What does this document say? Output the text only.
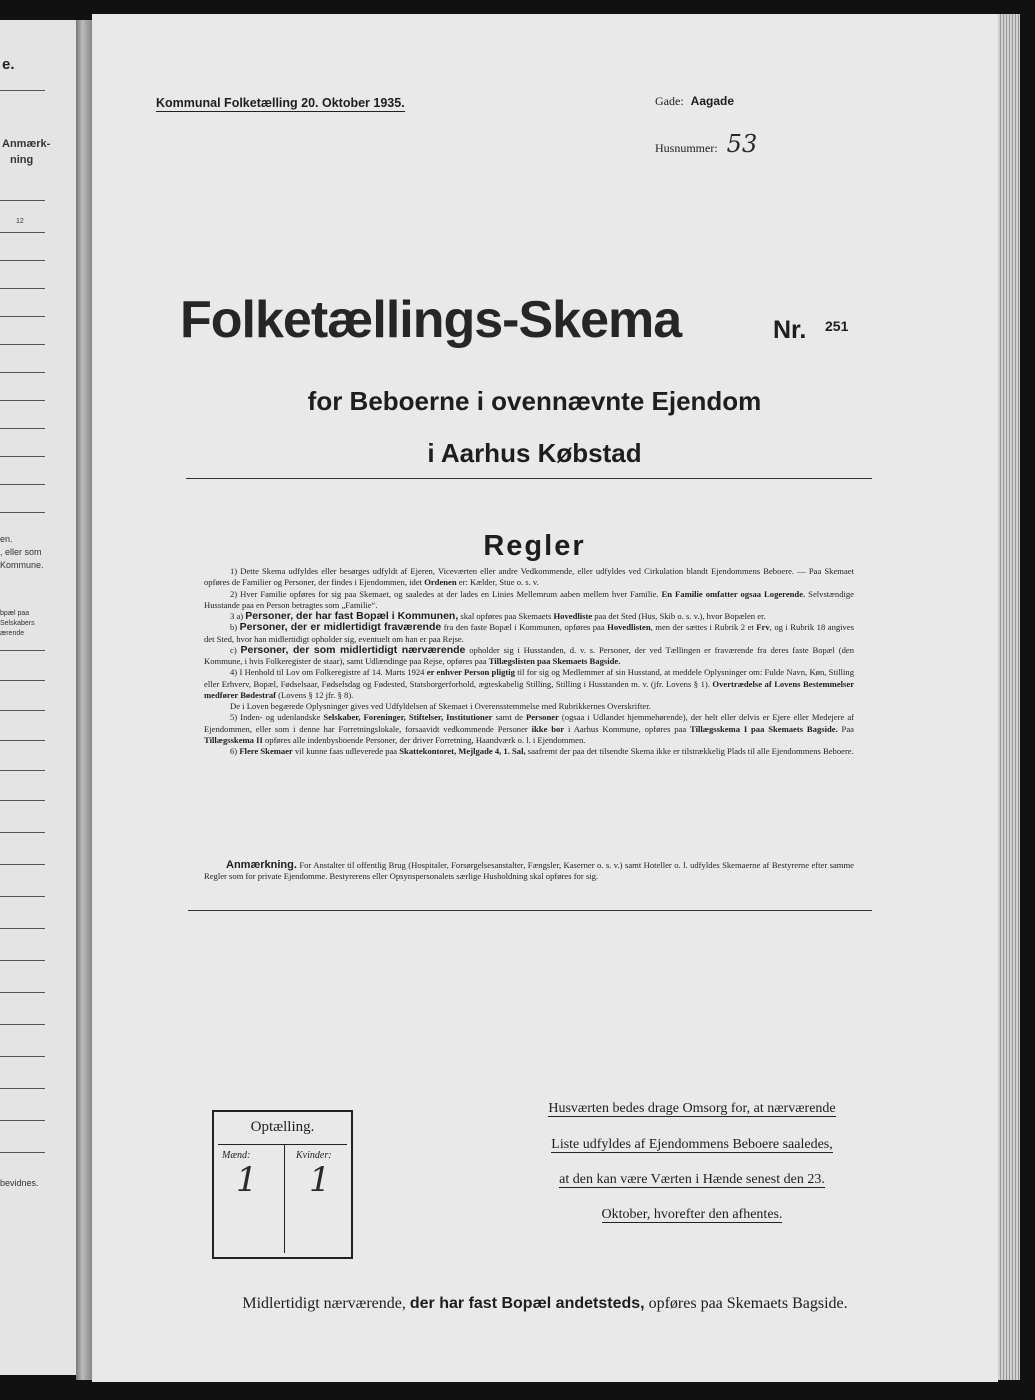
e.
Anmærk-
ning
12
en.
, eller som
Kommune.
bpæl paa
Selskabers
ærende
bevidnes.
Kommunal Folketælling 20. Oktober 1935.	Gade: Aagade
Husnummer: 53
Folketællings-Skema	Nr. 251
for Beboerne i ovennævnte Ejendom
i Aarhus Købstad
Regler

1) Dette Skema udfyldes eller besørges udfyldt af Ejeren, Viceværten eller andre Vedkommende, eller udfyldes ved Cirkulation blandt Ejendommens Beboere. — Paa Skemaet opføres de Familier og Personer, der findes i Ejendommen, idet Ordenen er: Kælder, Stue o. s. v.

2) Hver Familie opføres for sig paa Skemaet, og saaledes at der lades en Linies Mellemrum aaben mellem hver Familie. En Familie omfatter ogsaa Logerende. Selvstændige Husstande paa en Person betragtes som „Familie“.

3 a) Personer, der har fast Bopæl i Kommunen, skal opføres paa Skemaets Hovedliste paa det Sted (Hus, Skib o. s. v.), hvor Bopælen er.

b) Personer, der er midlertidigt fraværende fra den faste Bopæl i Kommunen, opføres paa Hovedlisten, men der sættes i Rubrik 2 et Frv, og i Rubrik 18 angives det Sted, hvor han midlertidigt opholder sig, eventuelt om han er paa Rejse.

c) Personer, der som midlertidigt nærværende opholder sig i Husstanden, d. v. s. Personer, der ved Tællingen er fraværende fra deres faste Bopæl (den Kommune, i hvis Folkeregister de staar), samt Udlændinge paa Rejse, opføres paa Tillægslisten paa Skemaets Bagside.

4) I Henhold til Lov om Folkeregistre af 14. Marts 1924 er enhver Person pligtig til for sig og Medlemmer af sin Husstand, at meddele Oplysninger om: Fulde Navn, Køn, Stilling eller Erhverv, Bopæl, Fødselsaar, Fødselsdag og Fødested, Statsborgerforhold, ægteskabelig Stilling, Stilling i Husstanden m. v. (jfr. Lovens § 1). Overtrædelse af Lovens Bestemmelser medfører Bødestraf (Lovens § 12 jfr. § 8).

De i Loven begærede Oplysninger gives ved Udfyldelsen af Skemaet i Overensstemmelse med Rubrikkernes Overskrifter.

5) Inden- og udenlandske Selskaber, Foreninger, Stiftelser, Institutioner samt de Personer (ogsaa i Udlandet hjemmehørende), der helt eller delvis er Ejere eller Medejere af Ejendommen, eller som i denne har Forretningslokale, forsaavidt vedkommende Personer ikke bor i Aarhus Kommune, opføres paa Tillægsskema I paa Skemaets Bagside. Paa Tillægsskema II opføres alle indenbysboende Personer, der driver Forretning, Haandværk o. l. i Ejendommen.

6) Flere Skemaer vil kunne faas udleverede paa Skattekontoret, Mejlgade 4, 1. Sal, saafremt der paa det tilsendte Skema ikke er tilstrækkelig Plads til alle Ejendommens Beboere.

Anmærkning. For Anstalter til offentlig Brug (Hospitaler, Forsørgelsesanstalter, Fængsler, Kaserner o. s. v.) samt Hoteller o. l. udfyldes Skemaerne af Bestyrerne efter samme Regler som for private Ejendomme. Bestyrerens eller Opsynspersonalets særlige Husholdning skal opføres for sig.

Optælling.
Mænd:	Kvinder:
1 1
Husværten bedes drage Omsorg for, at nærværende
Liste udfyldes af Ejendommens Beboere saaledes,
at den kan være Værten i Hænde senest den 23.
Oktober, hvorefter den afhentes.
Midlertidigt nærværende, der har fast Bopæl andetsteds, opføres paa Skemaets Bagside.
